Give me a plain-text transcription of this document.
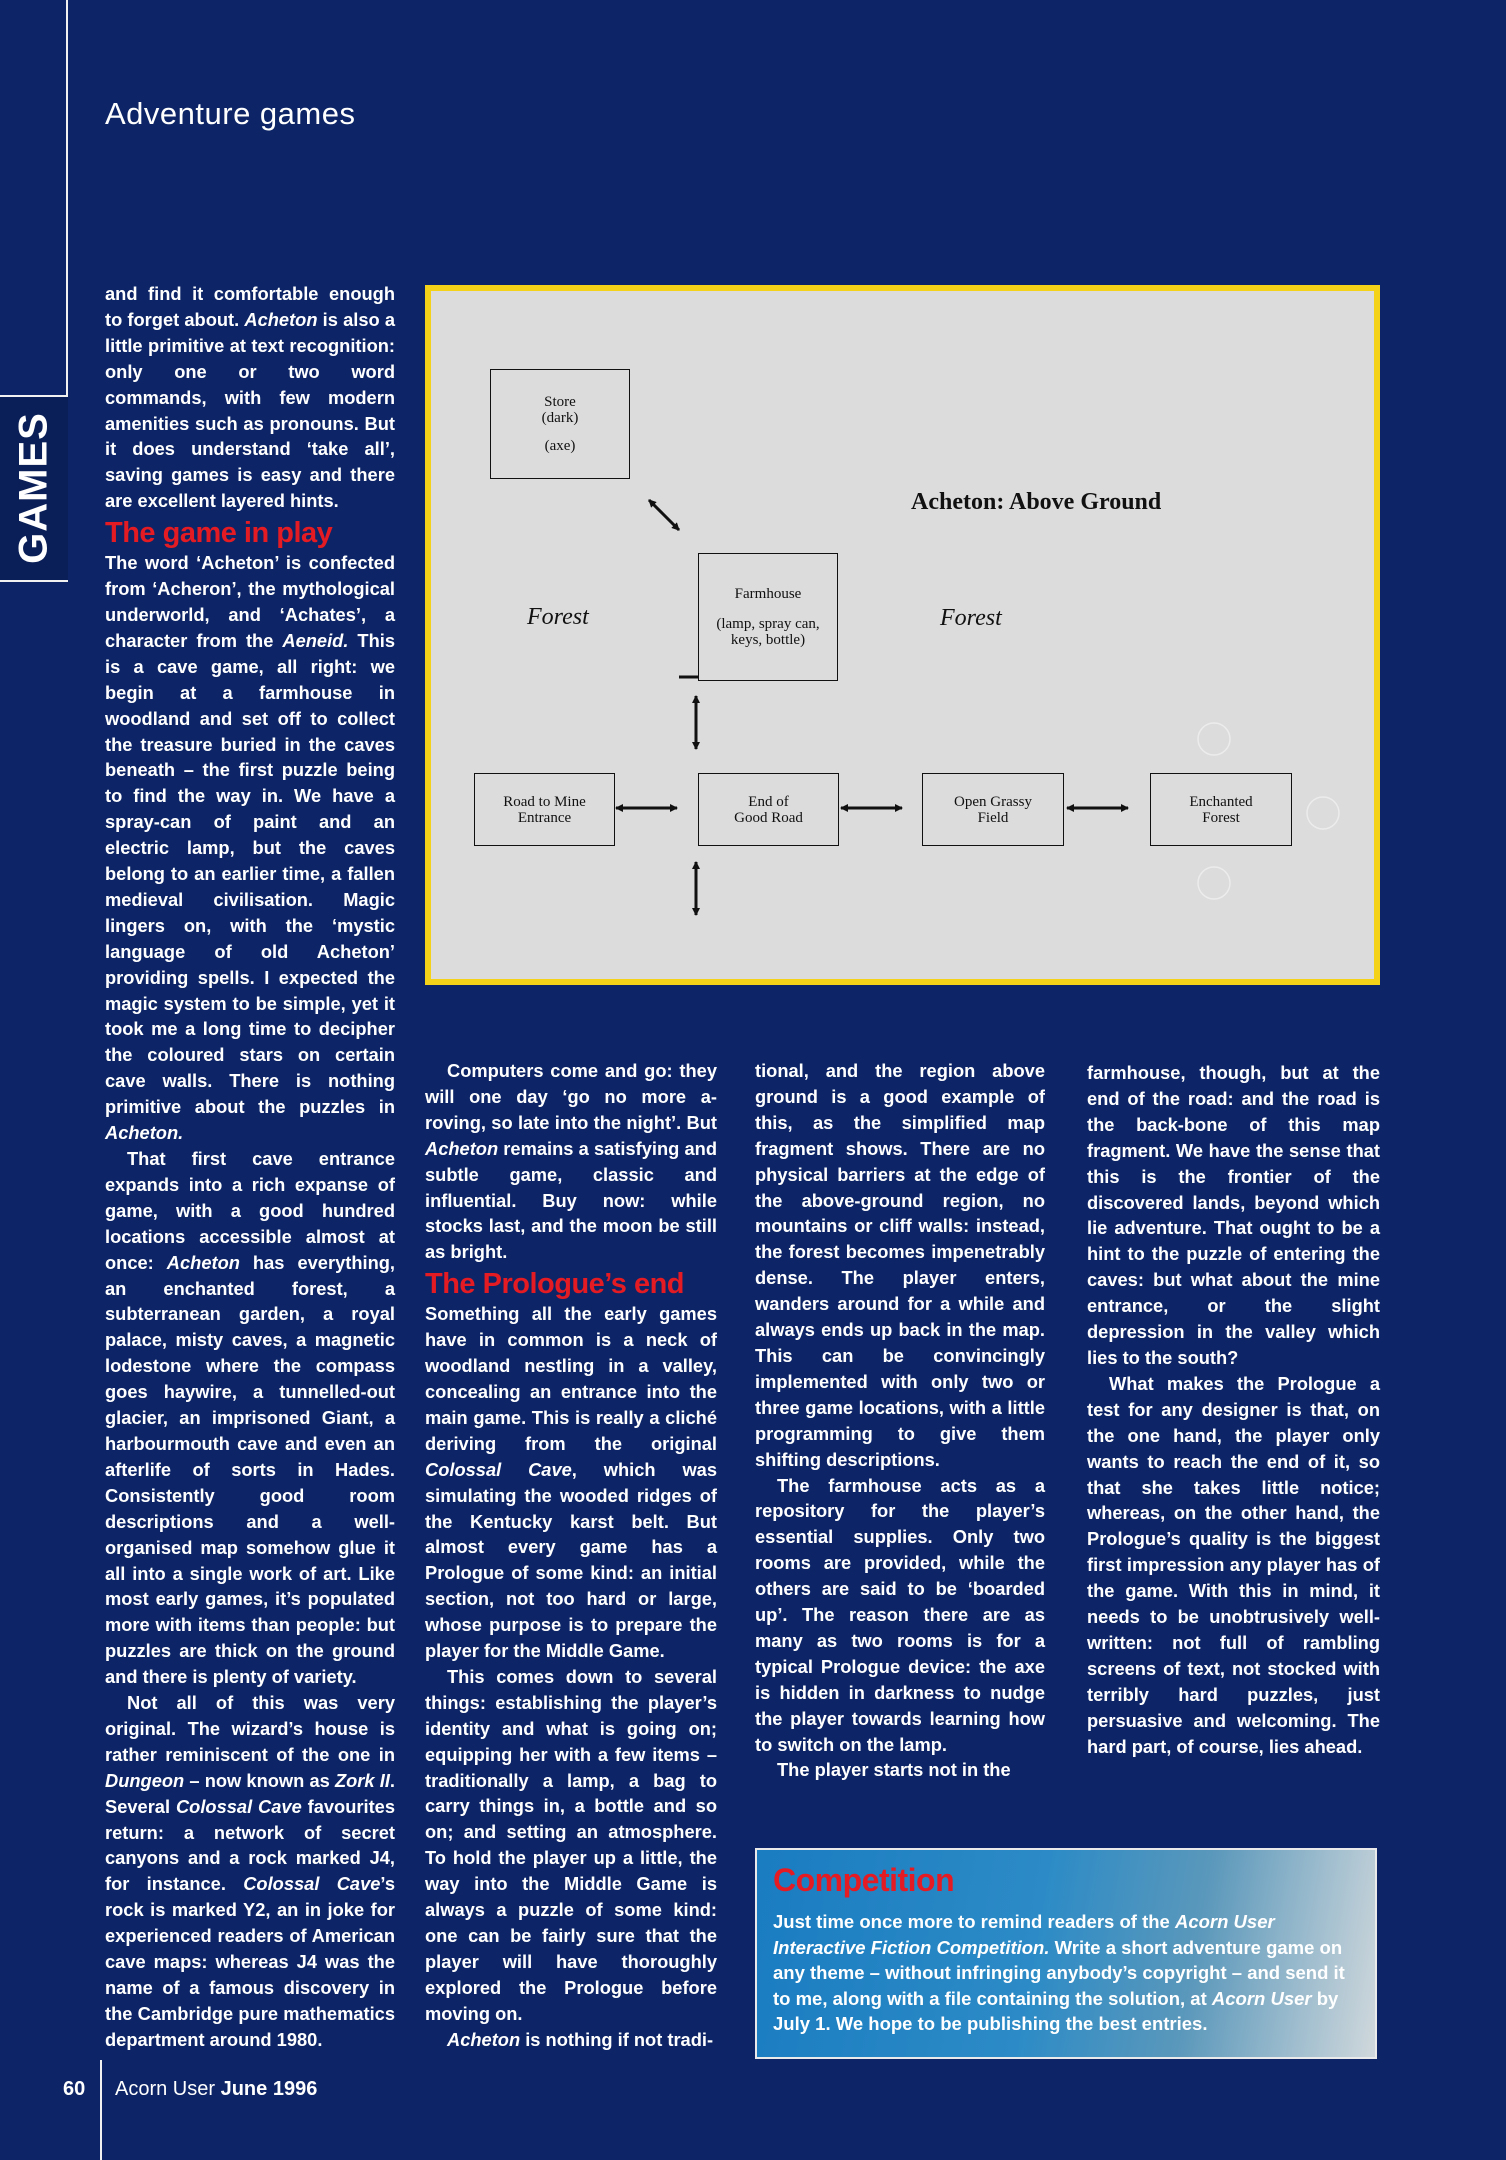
GAMES
Adventure games

and find it comfortable enough to forget about. Acheton is also a little primitive at text recognition: only one or two word commands, with few modern amenities such as pronouns. But it does understand ‘take all’, saving games is easy and there are excellent layered hints.

The game in play

The word ‘Acheton’ is confected from ‘Acheron’, the mythological underworld, and ‘Achates’, a character from the Aeneid. This is a cave game, all right: we begin at a farmhouse in woodland and set off to collect the treasure buried in the caves beneath – the first puzzle being to find the way in. We have a spray-can of paint and an electric lamp, but the caves belong to an earlier time, a fallen medieval civilisation. Magic lingers on, with the ‘mystic language of old Acheton’ providing spells. I expected the magic system to be simple, yet it took me a long time to decipher the coloured stars on certain cave walls. There is nothing primitive about the puzzles in Acheton.

That first cave entrance expands into a rich expanse of game, with a good hundred locations accessible almost at once: Acheton has everything, an enchanted forest, a subterranean garden, a royal palace, misty caves, a magnetic lodestone where the compass goes haywire, a tunnelled-out glacier, an imprisoned Giant, a harbourmouth cave and even an afterlife of sorts in Hades. Consistently good room descriptions and a well-organised map somehow glue it all into a single work of art. Like most early games, it’s populated more with items than people: but puzzles are thick on the ground and there is plenty of variety.

Not all of this was very original. The wizard’s house is rather reminiscent of the one in Dungeon – now known as Zork II. Several Colossal Cave favourites return: a network of secret canyons and a rock marked J4, for instance. Colossal Cave’s rock is marked Y2, an in joke for experienced readers of American cave maps: whereas J4 was the name of a famous discovery in the Cambridge pure mathematics department around 1980.

Acheton: Above Ground
Forest	Forest
Store
(dark)
(axe)
Farmhouse
(lamp, spray can,
keys, bottle)
Road to Mine
Entrance
End of
Good Road
Open Grassy
Field
Enchanted
Forest

Computers come and go: they will one day ‘go no more a-roving, so late into the night’. But Acheton remains a satisfying and subtle game, classic and influential. Buy now: while stocks last, and the moon be still as bright.

The Prologue’s end

Something all the early games have in common is a neck of woodland nestling in a valley, concealing an entrance into the main game. This is really a cliché deriving from the original Colossal Cave, which was simulating the wooded ridges of the Kentucky karst belt. But almost every game has a Prologue of some kind: an initial section, not too hard or large, whose purpose is to prepare the player for the Middle Game.

This comes down to several things: establishing the player’s identity and what is going on; equipping her with a few items – traditionally a lamp, a bag to carry things in, a bottle and so on; and setting an atmosphere. To hold the player up a little, the way into the Middle Game is always a puzzle of some kind: one can be fairly sure that the player will have thoroughly explored the Prologue before moving on.

Acheton is nothing if not tradi-

tional, and the region above ground is a good example of this, as the simplified map fragment shows. There are no physical barriers at the edge of the above-ground region, no mountains or cliff walls: instead, the forest becomes impenetrably dense. The player enters, wanders around for a while and always ends up back in the map. This can be convincingly implemented with only two or three game locations, with a little programming to give them shifting descriptions.

The farmhouse acts as a repository for the player’s essential supplies. Only two rooms are provided, while the others are said to be ‘boarded up’. The reason there are as many as two rooms is for a typical Prologue device: the axe is hidden in darkness to nudge the player towards learning how to switch on the lamp.

The player starts not in the

farmhouse, though, but at the end of the road: and the road is the back-bone of this map fragment. We have the sense that this is the frontier of the discovered lands, beyond which lie adventure. That ought to be a hint to the puzzle of entering the caves: but what about the mine entrance, or the slight depression in the valley which lies to the south?

What makes the Prologue a test for any designer is that, on the one hand, the player only wants to reach the end of it, so that she takes little notice; whereas, on the other hand, the Prologue’s quality is the biggest first impression any player has of the game. With this in mind, it needs to be unobtrusively well-written: not full of rambling screens of text, not stocked with terribly hard puzzles, just persuasive and welcoming. The hard part, of course, lies ahead.

Competition

Just time once more to remind readers of the Acorn User Interactive Fiction Competition. Write a short adventure game on any theme – without infringing anybody’s copyright – and send it to me, along with a file containing the solution, at Acorn User by July 1. We hope to be publishing the best entries.

60 Acorn User June 1996
